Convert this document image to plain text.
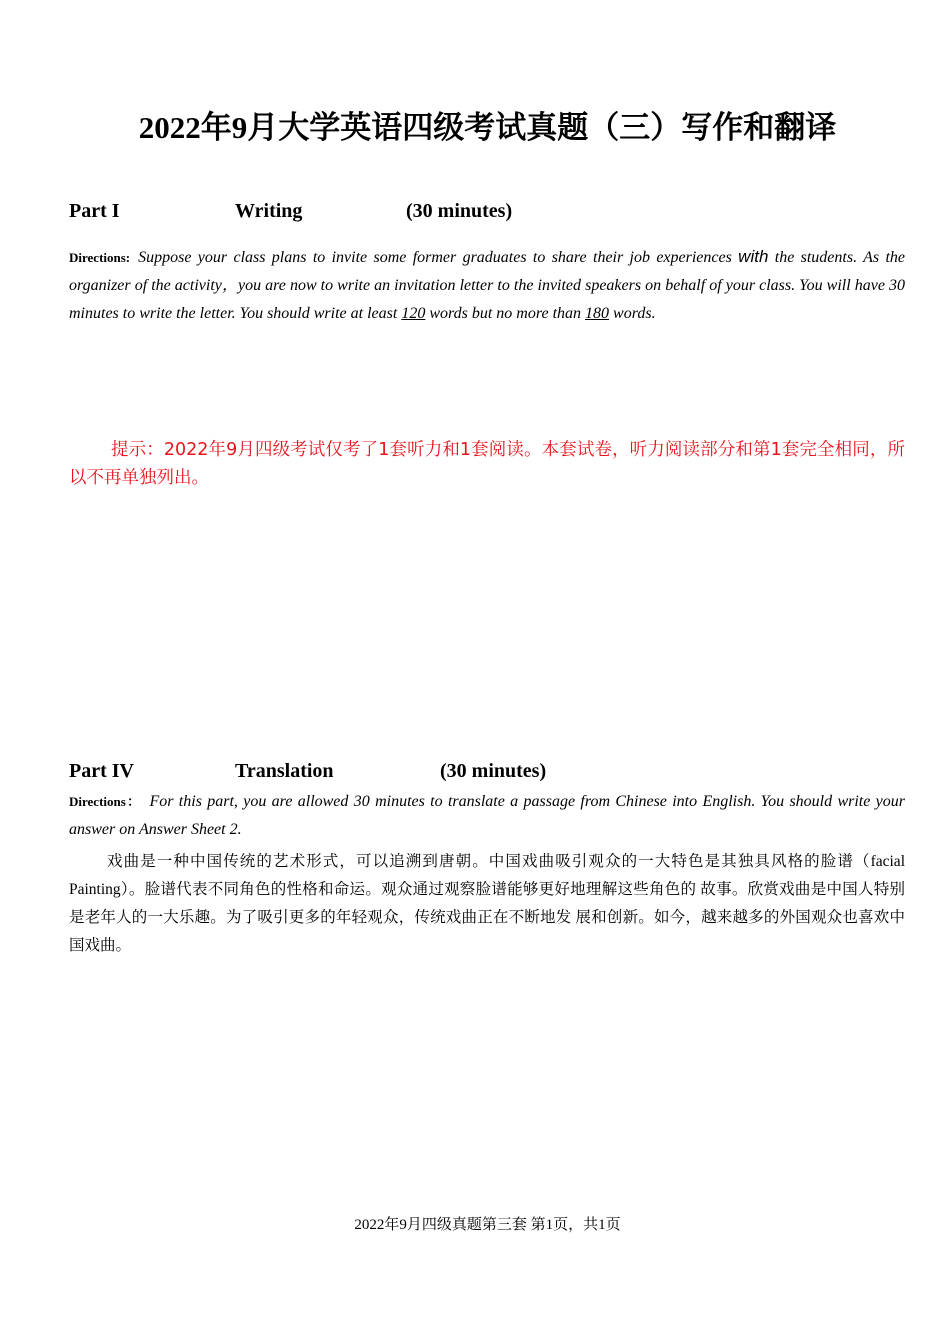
2022年9月大学英语四级考试真题（三）写作和翻译
Part I	Writing	(30 minutes)
Directions: Suppose your class plans to invite some former graduates to share their job experiences with the students. As the organizer of the activity，you are now to write an invitation letter to the invited speakers on behalf of your class. You will have 30 minutes to write the letter. You should write at least 120 words but no more than 180 words.
提示：2022年9月四级考试仅考了1套听力和1套阅读。本套试卷，听力阅读部分和第1套完全相同，所以不再单独列出。
Part IV	Translation	(30 minutes)
Directions： For this part, you are allowed 30 minutes to translate a passage from Chinese into English. You should write your answer on Answer Sheet 2.
戏曲是一种中国传统的艺术形式，可以追溯到唐朝。中国戏曲吸引观众的一大特色是其独具风格的脸谱（facial Painting）。脸谱代表不同角色的性格和命运。观众通过观察脸谱能够更好地理解这些角色的 故事。欣赏戏曲是中国人特别是老年人的一大乐趣。为了吸引更多的年轻观众，传统戏曲正在不断地发 展和创新。如今，越来越多的外国观众也喜欢中国戏曲。
2022年9月四级真题第三套 第1页，共1页
